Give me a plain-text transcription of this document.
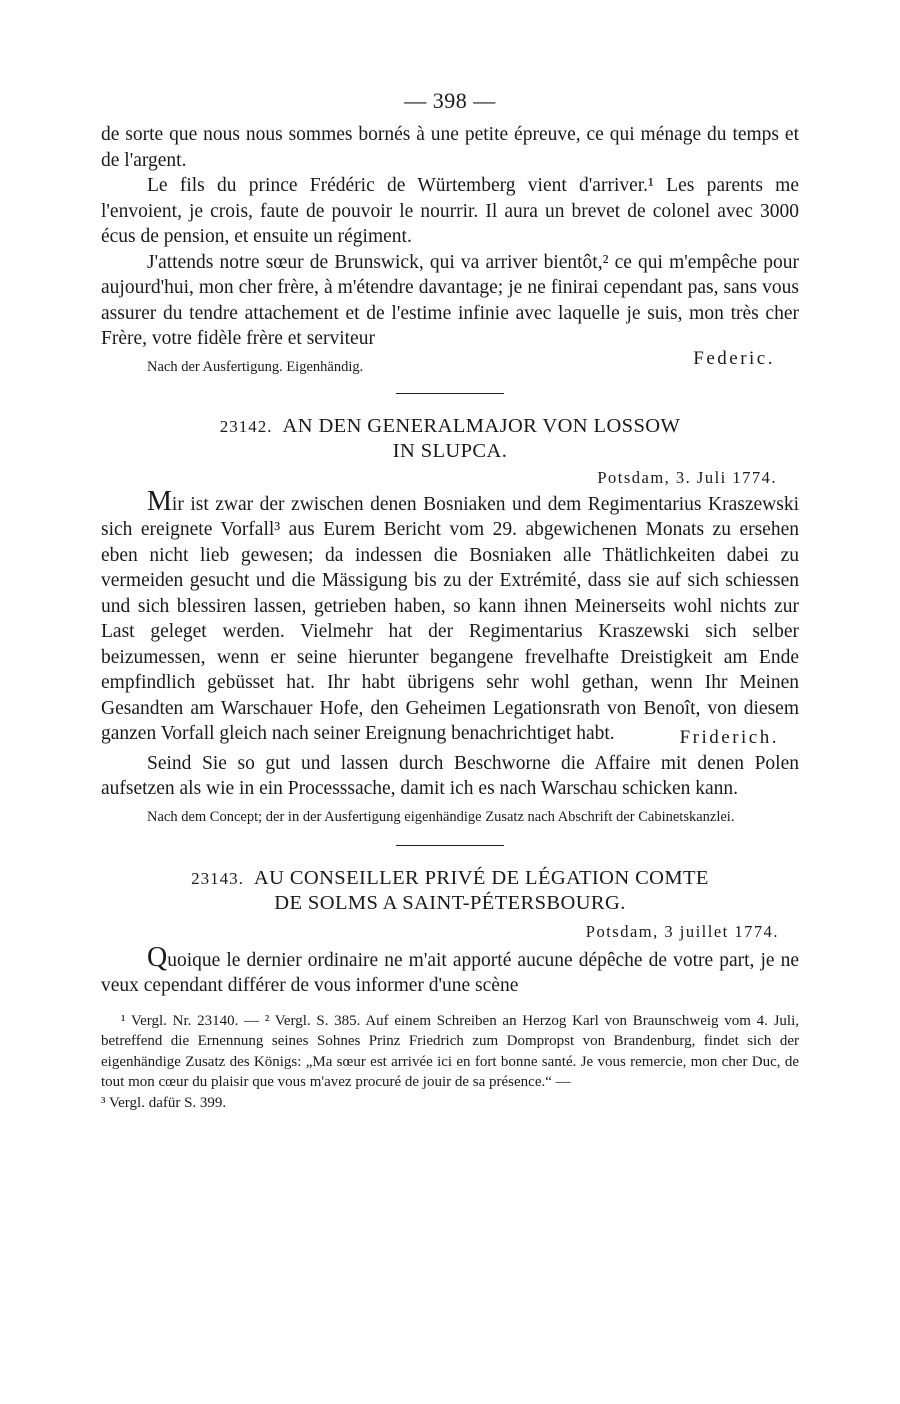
— 398 —

de sorte que nous nous sommes bornés à une petite épreuve, ce qui ménage du temps et de l'argent.

Le fils du prince Frédéric de Würtemberg vient d'arriver.¹ Les parents me l'envoient, je crois, faute de pouvoir le nourrir. Il aura un brevet de colonel avec 3000 écus de pension, et ensuite un régiment.

J'attends notre sœur de Brunswick, qui va arriver bientôt,² ce qui m'empêche pour aujourd'hui, mon cher frère, à m'étendre davantage; je ne finirai cependant pas, sans vous assurer du tendre attachement et de l'estime infinie avec laquelle je suis, mon très cher Frère, votre fidèle frère et serviteur

Nach der Ausfertigung. Eigenhändig.	Federic.
23142. AN DEN GENERALMAJOR VON LOSSOW
IN SLUPCA.
Potsdam, 3. Juli 1774.

Mir ist zwar der zwischen denen Bosniaken und dem Regimentarius Kraszewski sich ereignete Vorfall³ aus Eurem Bericht vom 29. abgewichenen Monats zu ersehen eben nicht lieb gewesen; da indessen die Bosniaken alle Thätlichkeiten dabei zu vermeiden gesucht und die Mässigung bis zu der Extrémité, dass sie auf sich schiessen und sich blessiren lassen, getrieben haben, so kann ihnen Meinerseits wohl nichts zur Last geleget werden. Vielmehr hat der Regimentarius Kraszewski sich selber beizumessen, wenn er seine hierunter begangene frevelhafte Dreistigkeit am Ende empfindlich gebüsset hat. Ihr habt übrigens sehr wohl gethan, wenn Ihr Meinen Gesandten am Warschauer Hofe, den Geheimen Legationsrath von Benoît, von diesem ganzen Vorfall gleich nach seiner Ereignung benachrichtiget habt.	Friderich.

Seind Sie so gut und lassen durch Beschworne die Affaire mit denen Polen aufsetzen als wie in ein Processsache, damit ich es nach Warschau schicken kann.

Nach dem Concept; der in der Ausfertigung eigenhändige Zusatz nach Abschrift der Cabinetskanzlei.
23143. AU CONSEILLER PRIVÉ DE LÉGATION COMTE
DE SOLMS A SAINT-PÉTERSBOURG.
Potsdam, 3 juillet 1774.

Quoique le dernier ordinaire ne m'ait apporté aucune dépêche de votre part, je ne veux cependant différer de vous informer d'une scène

¹ Vergl. Nr. 23140. — ² Vergl. S. 385. Auf einem Schreiben an Herzog Karl von Braunschweig vom 4. Juli, betreffend die Ernennung seines Sohnes Prinz Friedrich zum Dompropst von Brandenburg, findet sich der eigenhändige Zusatz des Königs: „Ma sœur est arrivée ici en fort bonne santé. Je vous remercie, mon cher Duc, de tout mon cœur du plaisir que vous m'avez procuré de jouir de sa présence.“ —

³ Vergl. dafür S. 399.
